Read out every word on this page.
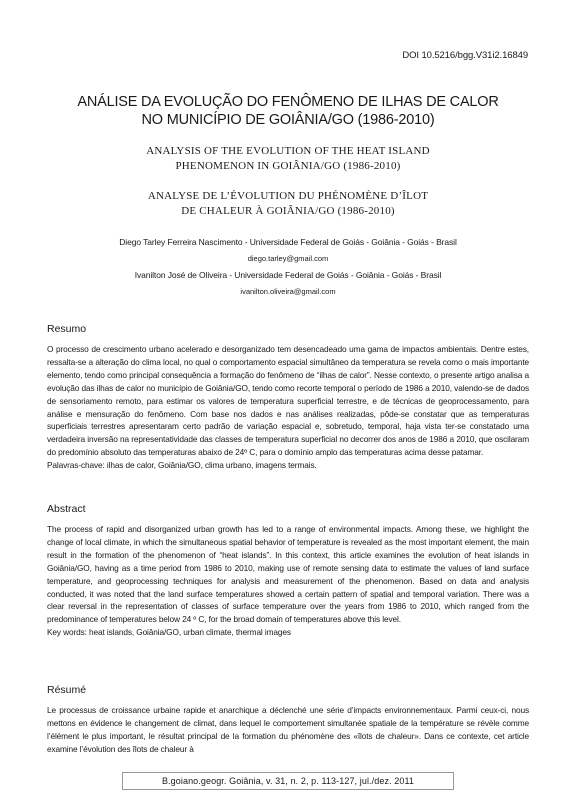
DOI 10.5216/bgg.V31i2.16849
ANÁLISE DA EVOLUÇÃO DO FENÔMENO DE ILHAS DE CALOR
NO MUNICÍPIO DE GOIÂNIA/GO (1986-2010)
ANALYSIS OF THE EVOLUTION OF THE HEAT ISLAND
PHENOMENON IN GOIÂNIA/GO (1986-2010)
ANALYSE DE L’ÉVOLUTION DU PHÉNOMÈNE D’ÎLOT
DE CHALEUR À GOIÂNIA/GO (1986-2010)
Diego Tarley Ferreira Nascimento - Universidade Federal de Goiás - Goiânia - Goiás - Brasil
diego.tarley@gmail.com
Ivanilton José de Oliveira - Universidade Federal de Goiás - Goiânia - Goiás - Brasil
ivanilton.oliveira@gmail.com
Resumo

O processo de crescimento urbano acelerado e desorganizado tem desencadeado uma gama de impactos ambientais. Dentre estes, ressalta-se a alteração do clima local, no qual o comportamento espacial simultâneo da temperatura se revela como o mais importante elemento, tendo como principal consequência a formação do fenômeno de “ilhas de calor”. Nesse contexto, o presente artigo analisa a evolução das ilhas de calor no município de Goiânia/GO, tendo como recorte temporal o período de 1986 a 2010, valendo-se de dados de sensoriamento remoto, para estimar os valores de temperatura superficial terrestre, e de técnicas de geoprocessamento, para análise e mensuração do fenômeno. Com base nos dados e nas análises realizadas, pôde-se constatar que as temperaturas superficiais terrestres apresentaram certo padrão de variação espacial e, sobretudo, temporal, haja vista ter-se constatado uma verdadeira inversão na representatividade das classes de temperatura superficial no decorrer dos anos de 1986 a 2010, que oscilaram do predomínio absoluto das temperaturas abaixo de 24º C, para o domínio amplo das temperaturas acima desse patamar.

Palavras-chave: ilhas de calor, Goiânia/GO, clima urbano, imagens termais.
Abstract

The process of rapid and disorganized urban growth has led to a range of environmental impacts. Among these, we highlight the change of local climate, in which the simultaneous spatial behavior of temperature is revealed as the most important element, the main result in the formation of the phenomenon of “heat islands”. In this context, this article examines the evolution of heat islands in Goiânia/GO, having as a time period from 1986 to 2010, making use of remote sensing data to estimate the values of land surface temperature, and geoprocessing techniques for analysis and measurement of the phenomenon. Based on data and analysis conducted, it was noted that the land surface temperatures showed a certain pattern of spatial and temporal variation. There was a clear reversal in the representation of classes of surface temperature over the years from 1986 to 2010, which ranged from the predominance of temperatures below 24 º C, for the broad domain of temperatures above this level.

Key words: heat islands, Goiânia/GO, urban climate, thermal images
Résumé

Le processus de croissance urbaine rapide et anarchique a déclenché une série d’impacts environnementaux. Parmi ceux-ci, nous mettons en évidence le changement de climat, dans lequel le comportement simultanée spatiale de la température se révèle comme l’élément le plus important, le résultat principal de la formation du phénomène des «îlots de chaleur». Dans ce contexte, cet article examine l’évolution des îlots de chaleur à

B.goiano.geogr. Goiânia, v. 31, n. 2, p. 113-127, jul./dez. 2011
